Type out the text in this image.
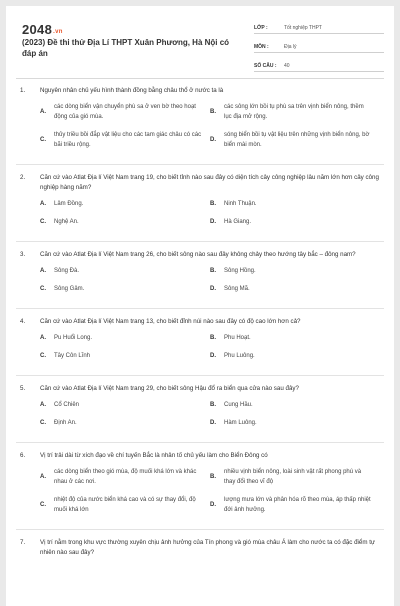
2048.vn
(2023) Đề thi thử Địa Lí THPT Xuân Phương, Hà Nội có đáp án
LỚP :	Tốt nghiệp THPT
MÔN :	Địa lý
SỐ CÂU :	40
1.	Nguyên nhân chủ yếu hình thành đồng bằng châu thổ ở nước ta là
A.
các dòng biển vận chuyển phù sa ở ven bờ theo hoạt động của gió mùa.
B.
các sông lớn bồi tụ phù sa trên vịnh biển nông, thềm lục địa mở rộng.
C.
thủy triều bồi đắp vật liệu cho các tam giác châu có các bãi triều rộng.
D.
sóng biển bồi tụ vật liệu trên những vịnh biển nông, bờ biển mài mòn.
2.	Căn cứ vào Atlat Địa lí Việt Nam trang 19, cho biết tỉnh nào sau đây có diện tích cây công nghiệp lâu năm lớn hơn cây công nghiệp hàng năm?
A.	Lâm Đồng.	B.	Ninh Thuận.
C.	Nghệ An.	D.	Hà Giang.
3.	Căn cứ vào Atlat Địa lí Việt Nam trang 26, cho biết sông nào sau đây không chảy theo hướng tây bắc – đông nam?
A.	Sông Đà.	B.	Sông Hồng.
C.	Sông Gâm.	D.	Sông Mã.
4.	Căn cứ vào Atlat Địa lí Việt Nam trang 13, cho biết đỉnh núi nào sau đây có độ cao lớn hơn cả?
A.	Pu Huổi Long.	B.	Phu Hoạt.
C.	Tây Côn Lĩnh	D.	Phu Luông.
5.	Căn cứ vào Atlat Địa lí Việt Nam trang 29, cho biết sông Hậu đổ ra biển qua cửa nào sau đây?
A.	Cổ Chiên	B.	Cung Hầu.
C.	Định An.	D.	Hàm Luông.
6.	Vị trí trải dài từ xích đạo về chí tuyến Bắc là nhân tố chủ yếu làm cho Biển Đông có
A.
các dòng biển theo gió mùa, độ muối khá lớn và khác nhau ở các nơi.
B.
nhiều vịnh biển nông, loài sinh vật rất phong phú và thay đổi theo vĩ độ
C.
nhiệt độ của nước biển khá cao và có sự thay đổi, độ muối khá lớn
D.
lượng mưa lớn và phân hóa rõ theo mùa, áp thấp nhiệt đới ảnh hưởng.
7.	Vị trí nằm trong khu vực thường xuyên chịu ảnh hưởng của Tín phong và gió mùa châu Á làm cho nước ta có đặc điểm tự nhiên nào sau đây?
